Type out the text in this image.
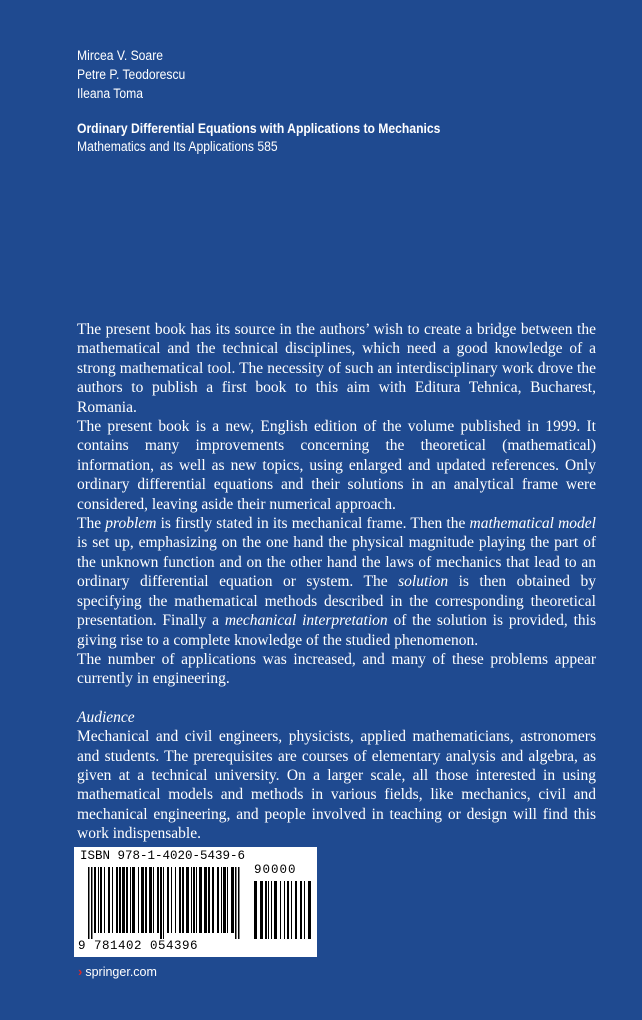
Mircea V. Soare
Petre P. Teodorescu
Ileana Toma
Ordinary Differential Equations with Applications to Mechanics
Mathematics and Its Applications 585

The present book has its source in the authors’ wish to create a bridge between the mathematical and the technical disciplines, which need a good knowledge of a strong mathematical tool. The necessity of such an interdisciplinary work drove the authors to publish a first book to this aim with Editura Tehnica, Bucharest, Romania.

The present book is a new, English edition of the volume published in 1999. It contains many improvements concerning the theoretical (mathematical) information, as well as new topics, using enlarged and updated references. Only ordinary differential equations and their solutions in an analytical frame were considered, leaving aside their numerical approach.

The problem is firstly stated in its mechanical frame. Then the mathematical model is set up, emphasizing on the one hand the physical magnitude playing the part of the unknown function and on the other hand the laws of mechanics that lead to an ordinary differential equation or system. The solution is then obtained by specifying the mathematical methods described in the corresponding theoretical presentation. Finally a mechanical interpretation of the solution is provided, this giving rise to a complete knowledge of the studied phenomenon.

The number of applications was increased, and many of these problems appear currently in engineering.

Audience

Mechanical and civil engineers, physicists, applied mathematicians, astronomers and students. The prerequisites are courses of elementary analysis and algebra, as given at a technical university. On a larger scale, all those interested in using mathematical models and methods in various fields, like mechanics, civil and mechanical engineering, and people involved in teaching or design will find this work indispensable.

ISBN 978-1-4020-5439-6
90000
9 781402 054396
› springer.com
